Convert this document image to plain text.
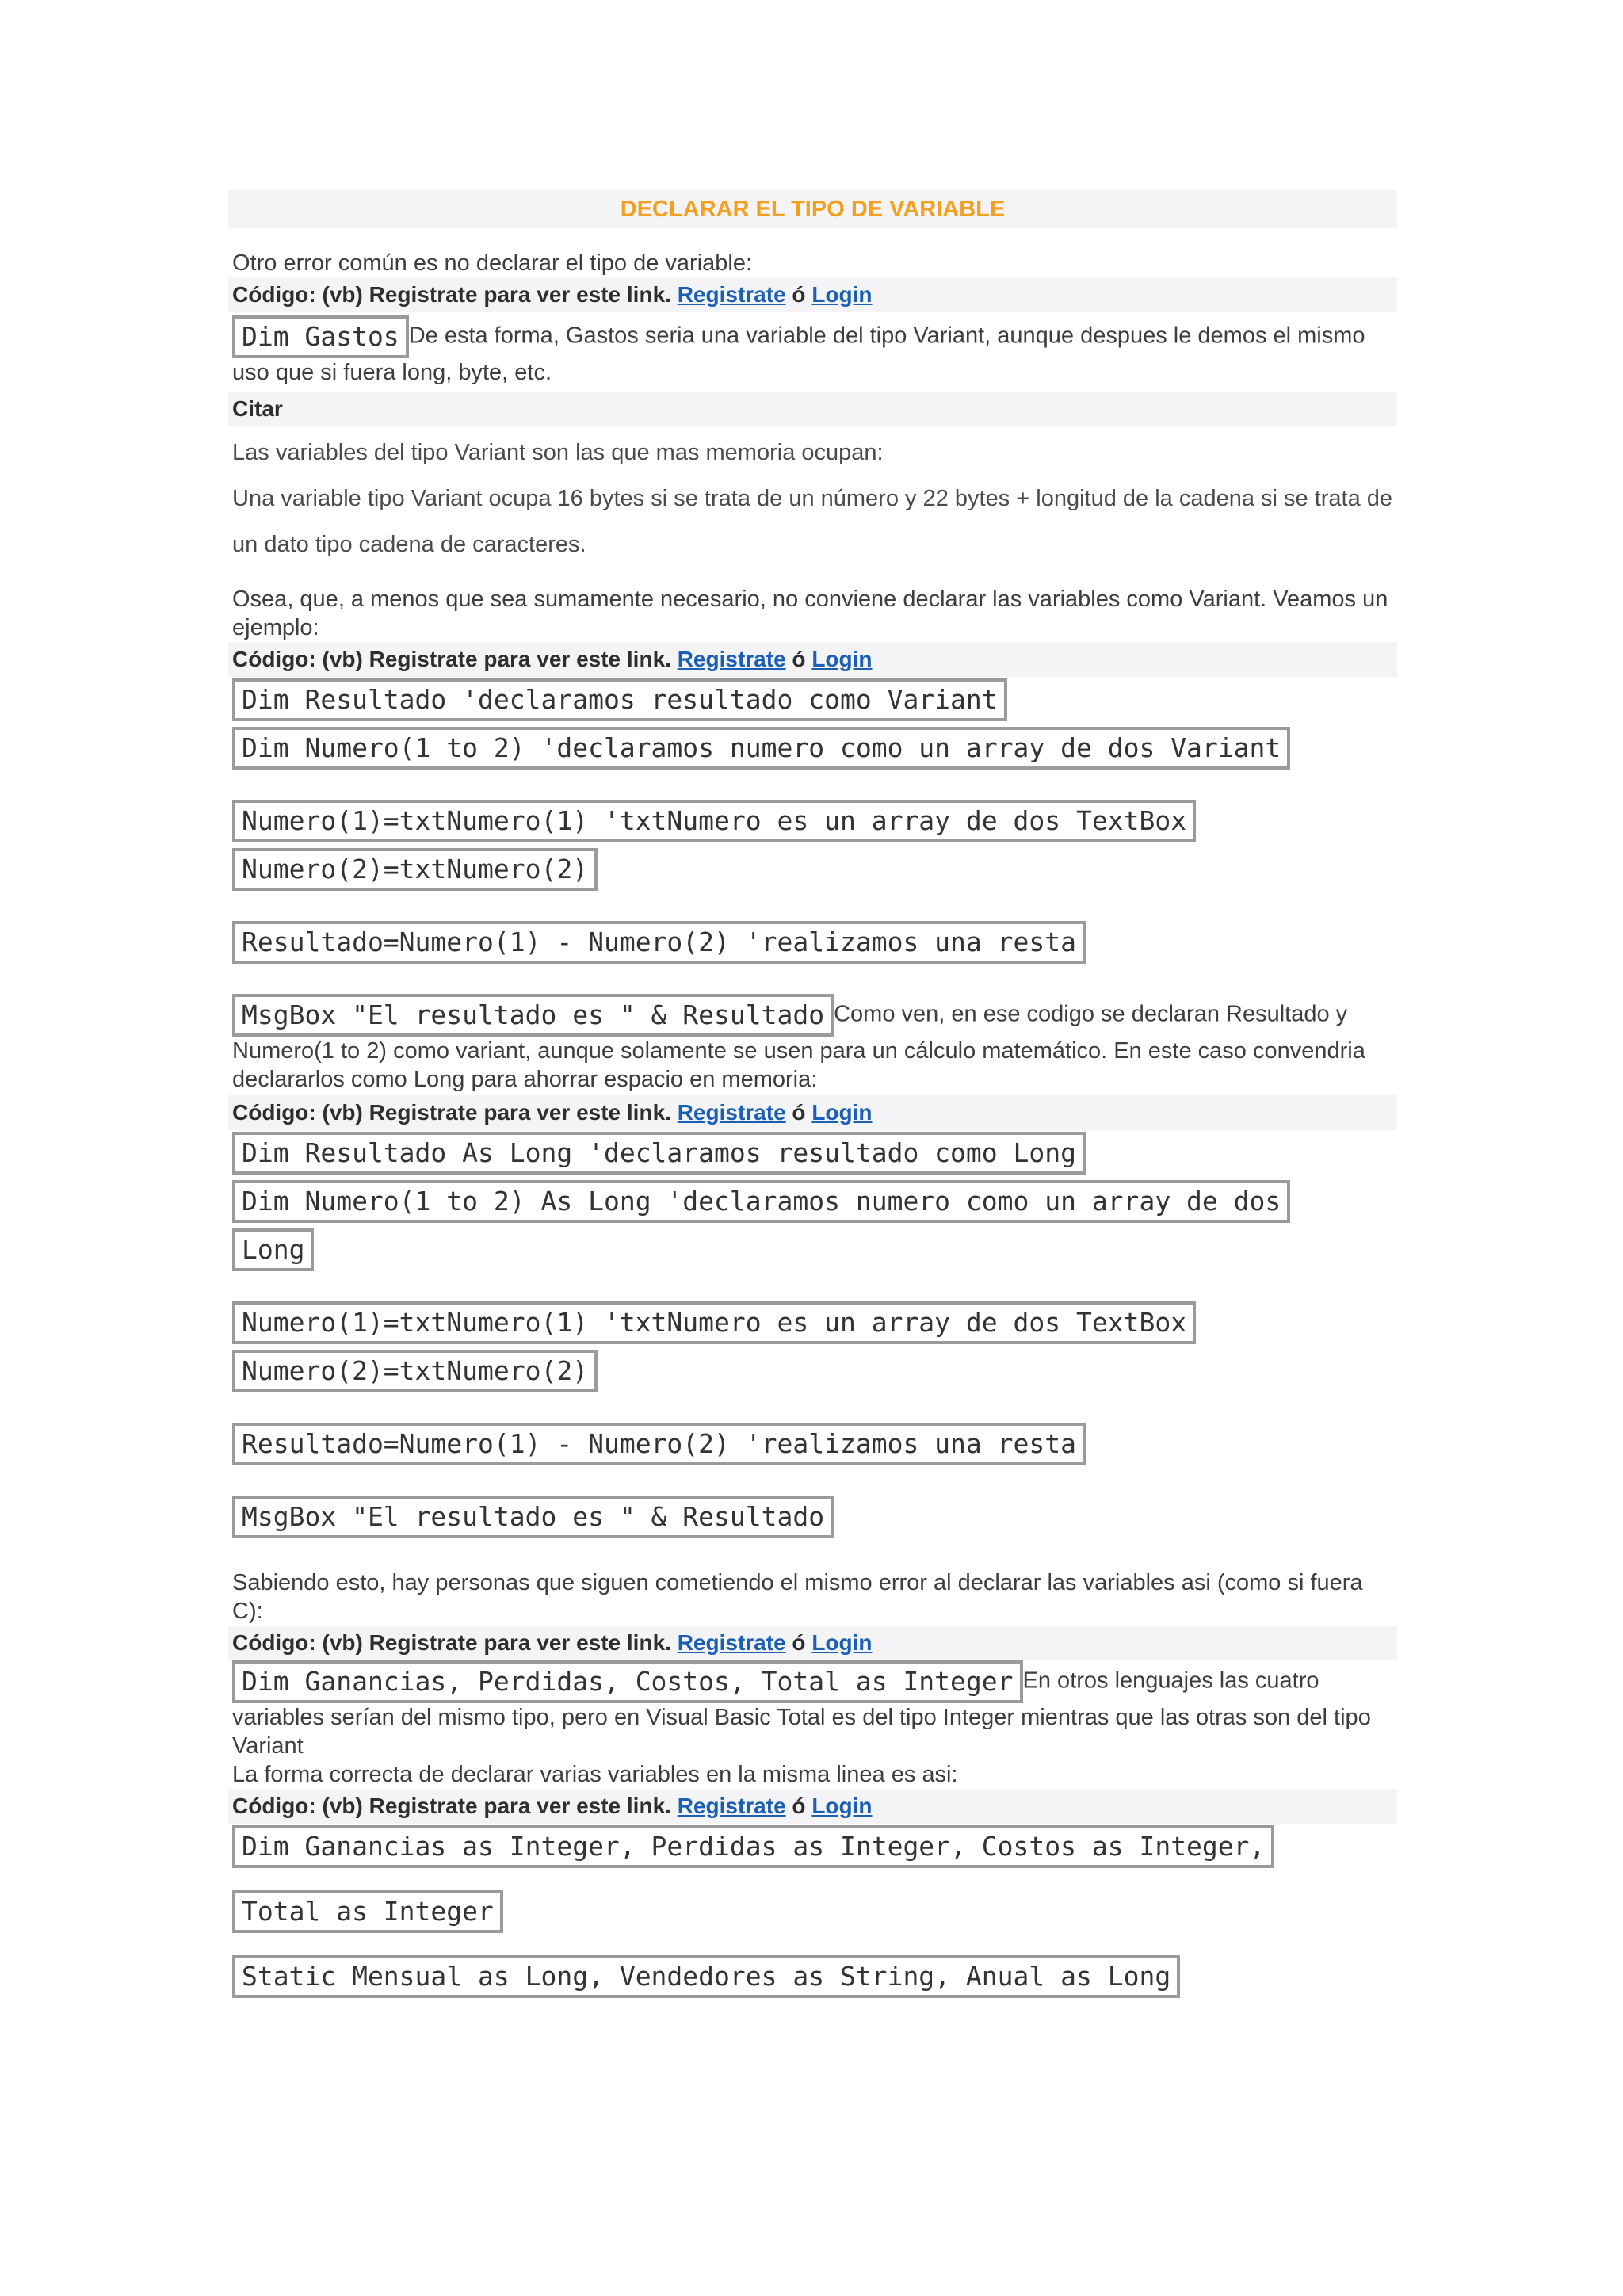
DECLARAR EL TIPO DE VARIABLE
Otro error común es no declarar el tipo de variable:
Código: (vb) Registrate para ver este link. Registrate ó Login
Dim Gastos De esta forma, Gastos seria una variable del tipo Variant, aunque despues le demos el mismo uso que si fuera long, byte, etc.
Citar
Las variables del tipo Variant son las que mas memoria ocupan:
Una variable tipo Variant ocupa 16 bytes si se trata de un número y 22 bytes + longitud de la cadena si se trata de un dato tipo cadena de caracteres.
Osea, que, a menos que sea sumamente necesario, no conviene declarar las variables como Variant. Veamos un ejemplo:
Código: (vb) Registrate para ver este link. Registrate ó Login
Dim Resultado 'declaramos resultado como Variant
Dim Numero(1 to 2) 'declaramos numero como un array de dos Variant
Numero(1)=txtNumero(1) 'txtNumero es un array de dos TextBox
Numero(2)=txtNumero(2)
Resultado=Numero(1) - Numero(2) 'realizamos una resta
MsgBox "El resultado es " & Resultado Como ven, en ese codigo se declaran Resultado y Numero(1 to 2) como variant, aunque solamente se usen para un cálculo matemático. En este caso convendria declararlos como Long para ahorrar espacio en memoria:
Código: (vb) Registrate para ver este link. Registrate ó Login
Dim Resultado As Long 'declaramos resultado como Long
Dim Numero(1 to 2) As Long 'declaramos numero como un array de dos
Long
Numero(1)=txtNumero(1) 'txtNumero es un array de dos TextBox
Numero(2)=txtNumero(2)
Resultado=Numero(1) - Numero(2) 'realizamos una resta
MsgBox "El resultado es " & Resultado
Sabiendo esto, hay personas que siguen cometiendo el mismo error al declarar las variables asi (como si fuera C):
Código: (vb) Registrate para ver este link. Registrate ó Login
Dim Ganancias, Perdidas, Costos, Total as Integer En otros lenguajes las cuatro variables serían del mismo tipo, pero en Visual Basic Total es del tipo Integer mientras que las otras son del tipo Variant
La forma correcta de declarar varias variables en la misma linea es asi:
Código: (vb) Registrate para ver este link. Registrate ó Login
Dim Ganancias as Integer, Perdidas as Integer, Costos as Integer,
Total as Integer
Static Mensual as Long, Vendedores as String, Anual as Long
